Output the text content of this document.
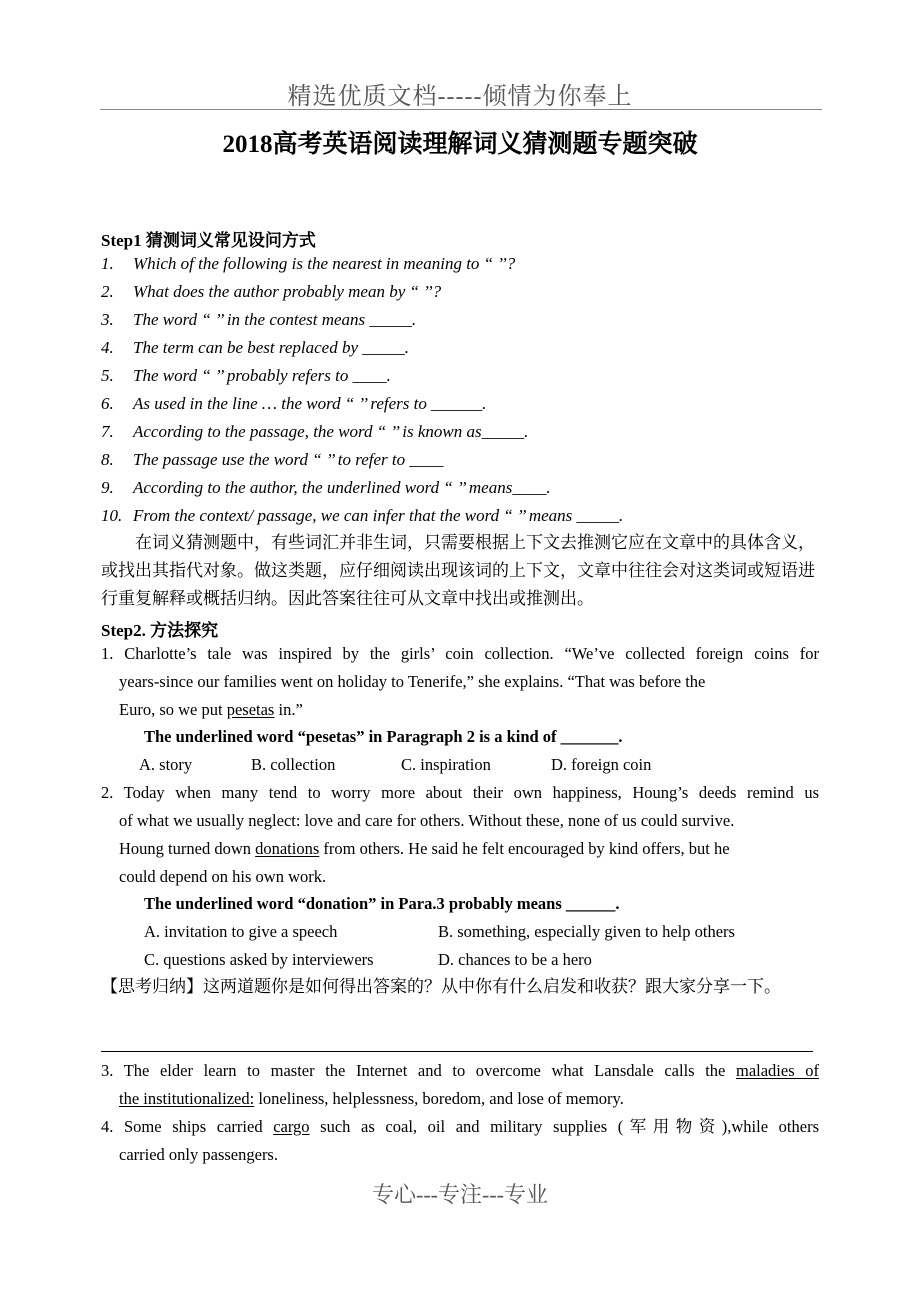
精选优质文档-----倾情为你奉上
2018高考英语阅读理解词义猜测题专题突破
Step1 猜测词义常见设问方式
1. Which of the following is the nearest in meaning to “ ’’?
2. What does the author probably mean by “ ’’?
3. The word “ ’’ in the contest means _____.
4. The term can be best replaced by _____.
5. The word “ ’’ probably refers to ____.
6. As used in the line … the word “ ’’ refers to ______.
7. According to the passage, the word “ ’’ is known as_____.
8. The passage use the word “ ’’ to refer to ____
9. According to the author, the underlined word “ ’’ means____.
10. From the context/ passage, we can infer that the word “ ’’ means _____.

在词义猜测题中，有些词汇并非生词，只需要根据上下文去推测它应在文章中的具体含义，或找出其指代对象。做这类题，应仔细阅读出现该词的上下文，文章中往往会对这类词或短语进行重复解释或概括归纳。因此答案往往可从文章中找出或推测出。

Step2. 方法探究
1. Charlotte’s tale was inspired by the girls’ coin collection. “We’ve collected foreign coins for
years-since our families went on holiday to Tenerife,” she explains. “That was before the
Euro, so we put pesetas in.”
The underlined word “pesetas” in Paragraph 2 is a kind of _______.
A. story	B. collection	C. inspiration	D. foreign coin
2. Today when many tend to worry more about their own happiness, Houng’s deeds remind us
of what we usually neglect: love and care for others. Without these, none of us could survive.
Houng turned down donations from others. He said he felt encouraged by kind offers, but he
could depend on his own work.
The underlined word “donation” in Para.3 probably means ______.
A. invitation to give a speech	B. something, especially given to help others
C. questions asked by interviewers	D. chances to be a hero
【思考归纳】这两道题你是如何得出答案的？从中你有什么启发和收获？跟大家分享一下。
3. The elder learn to master the Internet and to overcome what Lansdale calls the maladies of
the institutionalized: loneliness, helplessness, boredom, and lose of memory.
4. Some ships carried cargo such as coal, oil and military supplies (军用物资),while others
carried only passengers.
专心---专注---专业
